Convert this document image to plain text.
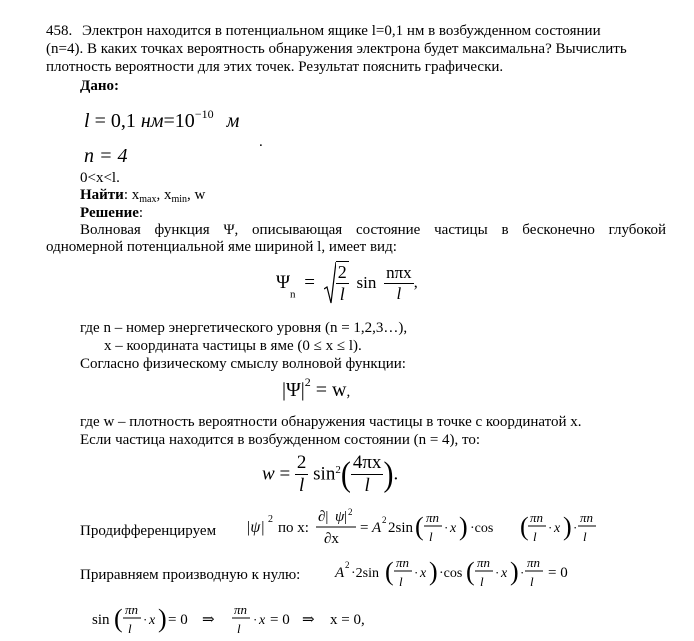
458. Электрон находится в потенциальном ящике l=0,1 нм в возбужденном состоянии
(n=4). В каких точках вероятность обнаружения электрона будет максимальна? Вычислить
плотность вероятности для этих точек. Результат пояснить графически.
Дано:
l = 0,1 $нм=10^{-10}$ м
.
n = 4
0<x<l.
Найти: $x_{max}$, $x_{min}$, w
Решение:
Волновая функция Ψ, описывающая состояние частицы в бесконечно глубокой одномерной потенциальной яме шириной l, имеет вид:
$\Psi_n = \frac{2}{l}$ $\sin \frac{\text{nπx}}{l}$ ,
где n – номер энергетического уровня (n = 1,2,3…),
x – координата частицы в яме (0 ≤ x ≤ l).
Согласно физическому смыслу волновой функции:
$|\Psi|^2 = w$,
где w – плотность вероятности обнаружения частицы в точке с координатой x.
Если частица находится в возбужденном состоянии (n = 4), то:
$w = \frac{2}{l} \sin^2( \frac{4\pi x}{l}$ ).
Продифференцируем |ψ| 2
по x:
∂| ψ | 2
∂x
= A 2 2sin ( πn
l
· x ) ·cos ( πn
l
· x ) ·
πn
l
Приравняем производную к нулю: A 2
·2sin ( πn
l
· x ) ·cos ( πn
l
· x ) ·
πn
l
= 0
sin ( πn
l
· x ) = 0 ⇒
πn
l
· x = 0 ⇒ x = 0,
